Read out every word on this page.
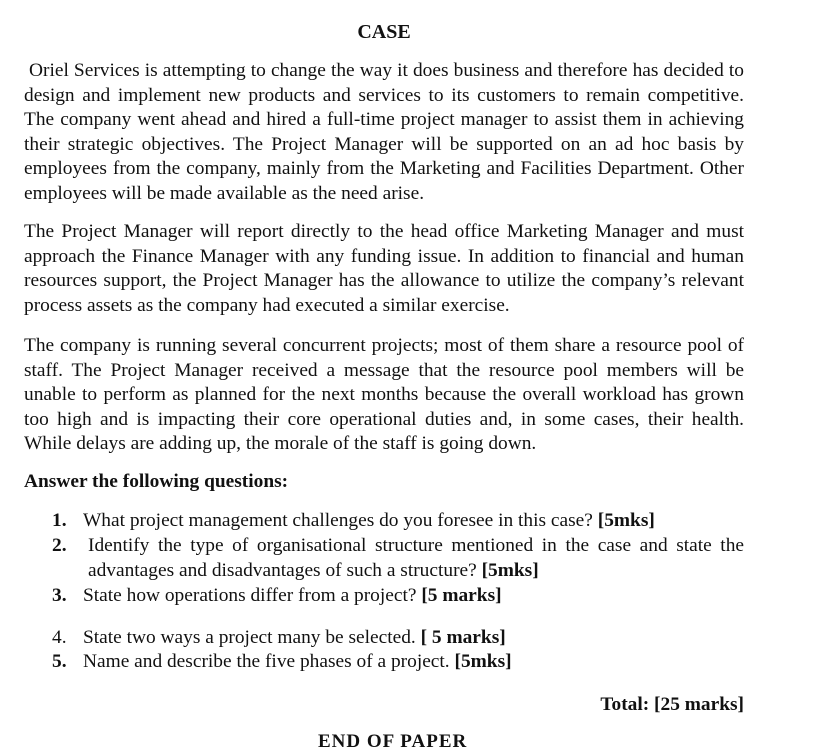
CASE

Oriel Services is attempting to change the way it does business and therefore has decided to design and implement new products and services to its customers to remain competitive. The company went ahead and hired a full-time project manager to assist them in achieving their strategic objectives. The Project Manager will be supported on an ad hoc basis by employees from the company, mainly from the Marketing and Facilities Department. Other employees will be made available as the need arise.

The Project Manager will report directly to the head office Marketing Manager and must approach the Finance Manager with any funding issue. In addition to financial and human resources support, the Project Manager has the allowance to utilize the company’s relevant process assets as the company had executed a similar exercise.

The company is running several concurrent projects; most of them share a resource pool of staff. The Project Manager received a message that the resource pool members will be unable to perform as planned for the next months because the overall workload has grown too high and is impacting their core operational duties and, in some cases, their health. While delays are adding up, the morale of the staff is going down.

Answer the following questions:

1. What project management challenges do you foresee in this case? [5mks]
2.	Identify the type of organisational structure mentioned in the case and state the advantages and disadvantages of such a structure? [5mks]
3. State how operations differ from a project? [5 marks]
4. State two ways a project many be selected. [ 5 marks]
5. Name and describe the five phases of a project. [5mks]
Total: [25 marks]
END OF PAPER
